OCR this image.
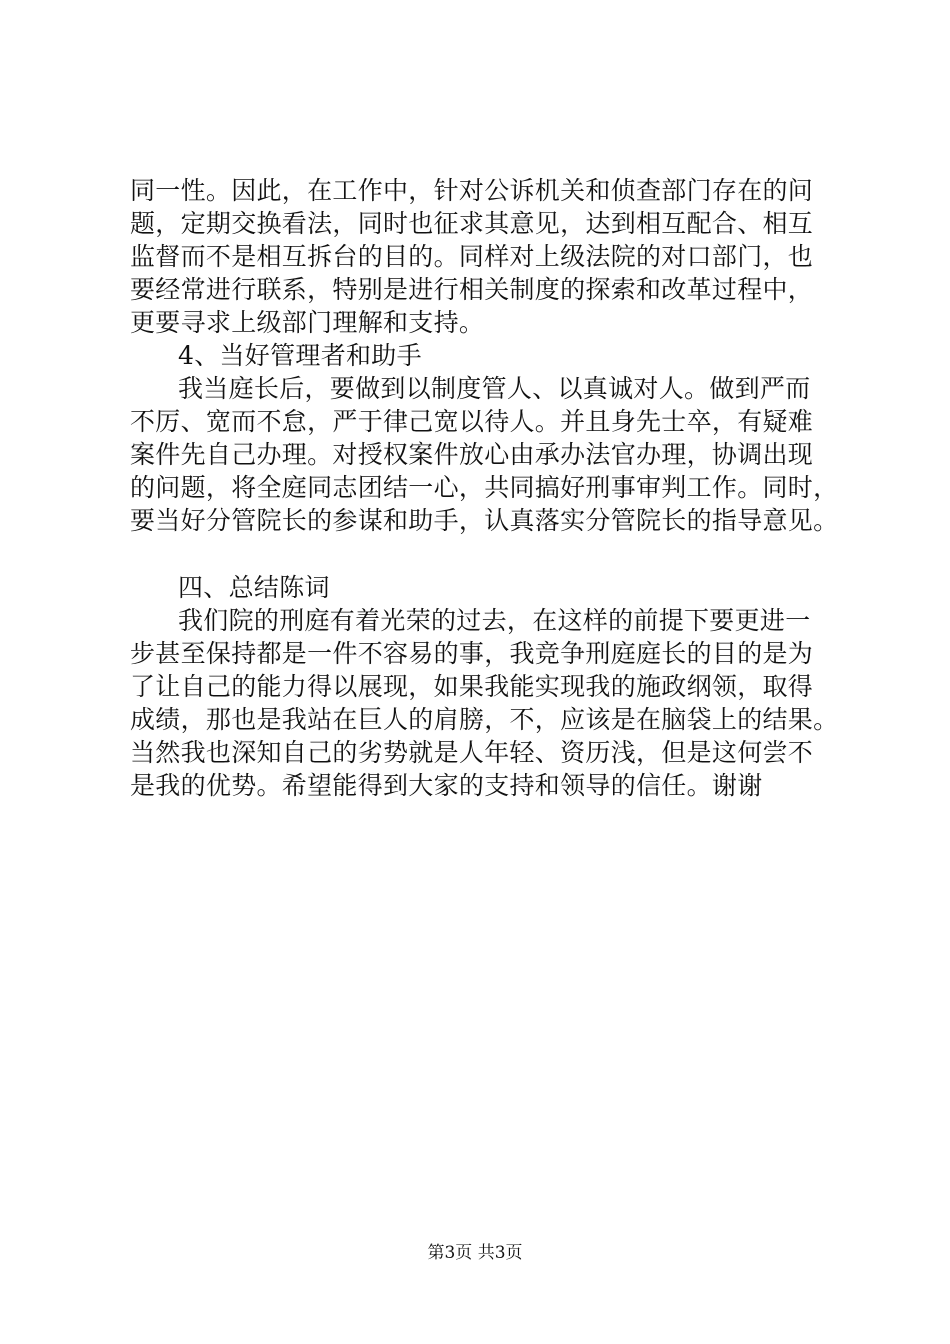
同一性。因此，在工作中，针对公诉机关和侦查部门存在的问
题，定期交换看法，同时也征求其意见，达到相互配合、相互
监督而不是相互拆台的目的。同样对上级法院的对口部门，也
要经常进行联系，特别是进行相关制度的探索和改革过程中，
更要寻求上级部门理解和支持。
4、当好管理者和助手
我当庭长后，要做到以制度管人、以真诚对人。做到严而
不厉、宽而不怠，严于律己宽以待人。并且身先士卒，有疑难
案件先自己办理。对授权案件放心由承办法官办理，协调出现
的问题，将全庭同志团结一心，共同搞好刑事审判工作。同时，
要当好分管院长的参谋和助手，认真落实分管院长的指导意见。
四、总结陈词
我们院的刑庭有着光荣的过去，在这样的前提下要更进一
步甚至保持都是一件不容易的事，我竞争刑庭庭长的目的是为
了让自己的能力得以展现，如果我能实现我的施政纲领，取得
成绩，那也是我站在巨人的肩膀，不，应该是在脑袋上的结果。
当然我也深知自己的劣势就是人年轻、资历浅，但是这何尝不
是我的优势。希望能得到大家的支持和领导的信任。谢谢
第3页 共3页
